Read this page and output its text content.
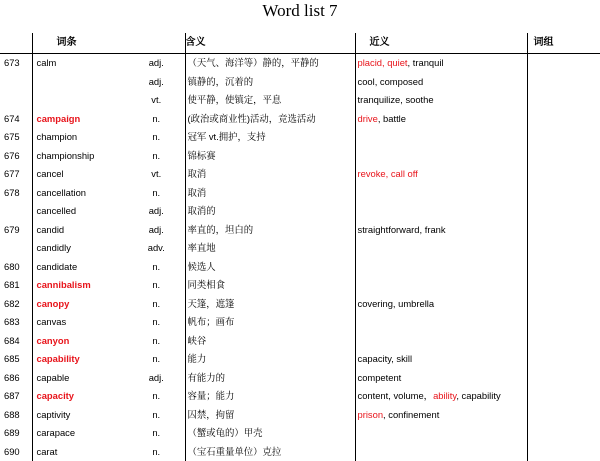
Word list 7
	词条		含义	近义	词组
673	calm	adj.	（天气、海洋等）静的，平静的	placid, quiet, tranquil	
		adj.	镇静的，沉着的	cool, composed	
		vt.	使平静，使镇定，平息	tranquilize, soothe	
674	campaign	n.	(政治或商业性)活动，竞选活动	drive, battle	
675	champion	n.	冠军 vt.拥护，支持		
676	championship	n.	锦标赛		
677	cancel	vt.	取消	revoke, call off	
678	cancellation	n.	取消		
	cancelled	adj.	取消的		
679	candid	adj.	率直的，坦白的	straightforward, frank	
	candidly	adv.	率直地		
680	candidate	n.	候选人		
681	cannibalism	n.	同类相食		
682	canopy	n.	天篷，遮篷	covering, umbrella	
683	canvas	n.	帆布；画布		
684	canyon	n.	峡谷		
685	capability	n.	能力	capacity, skill	
686	capable	adj.	有能力的	competent	
687	capacity	n.	容量；能力	content, volume，ability, capability	
688	captivity	n.	囚禁，拘留	prison, confinement	
689	carapace	n.	（蟹或龟的）甲壳		
690	carat	n.	（宝石重量单位）克拉		
